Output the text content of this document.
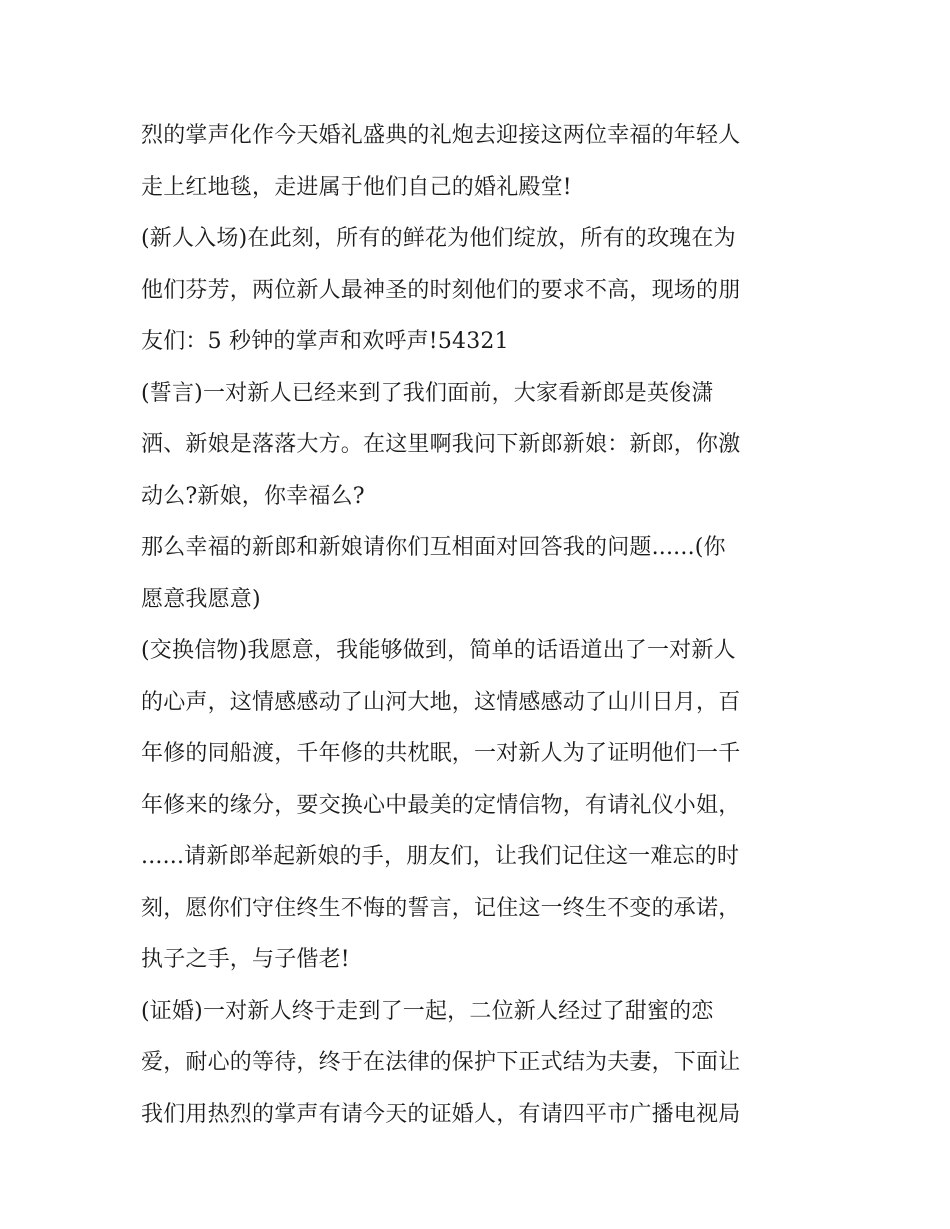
烈的掌声化作今天婚礼盛典的礼炮去迎接这两位幸福的年轻人
走上红地毯，走进属于他们自己的婚礼殿堂!
(新人入场)在此刻，所有的鲜花为他们绽放，所有的玫瑰在为
他们芬芳，两位新人最神圣的时刻他们的要求不高，现场的朋
友们：5 秒钟的掌声和欢呼声!54321
(誓言)一对新人已经来到了我们面前，大家看新郎是英俊潇
洒、新娘是落落大方。在这里啊我问下新郎新娘：新郎，你激
动么?新娘，你幸福么?
那么幸福的新郎和新娘请你们互相面对回答我的问题......(你
愿意我愿意)
(交换信物)我愿意，我能够做到，简单的话语道出了一对新人
的心声，这情感感动了山河大地，这情感感动了山川日月，百
年修的同船渡，千年修的共枕眠，一对新人为了证明他们一千
年修来的缘分，要交换心中最美的定情信物，有请礼仪小姐，
......请新郎举起新娘的手，朋友们，让我们记住这一难忘的时
刻，愿你们守住终生不悔的誓言，记住这一终生不变的承诺，
执子之手，与子偕老!
(证婚)一对新人终于走到了一起，二位新人经过了甜蜜的恋
爱，耐心的等待，终于在法律的保护下正式结为夫妻，下面让
我们用热烈的掌声有请今天的证婚人，有请四平市广播电视局
